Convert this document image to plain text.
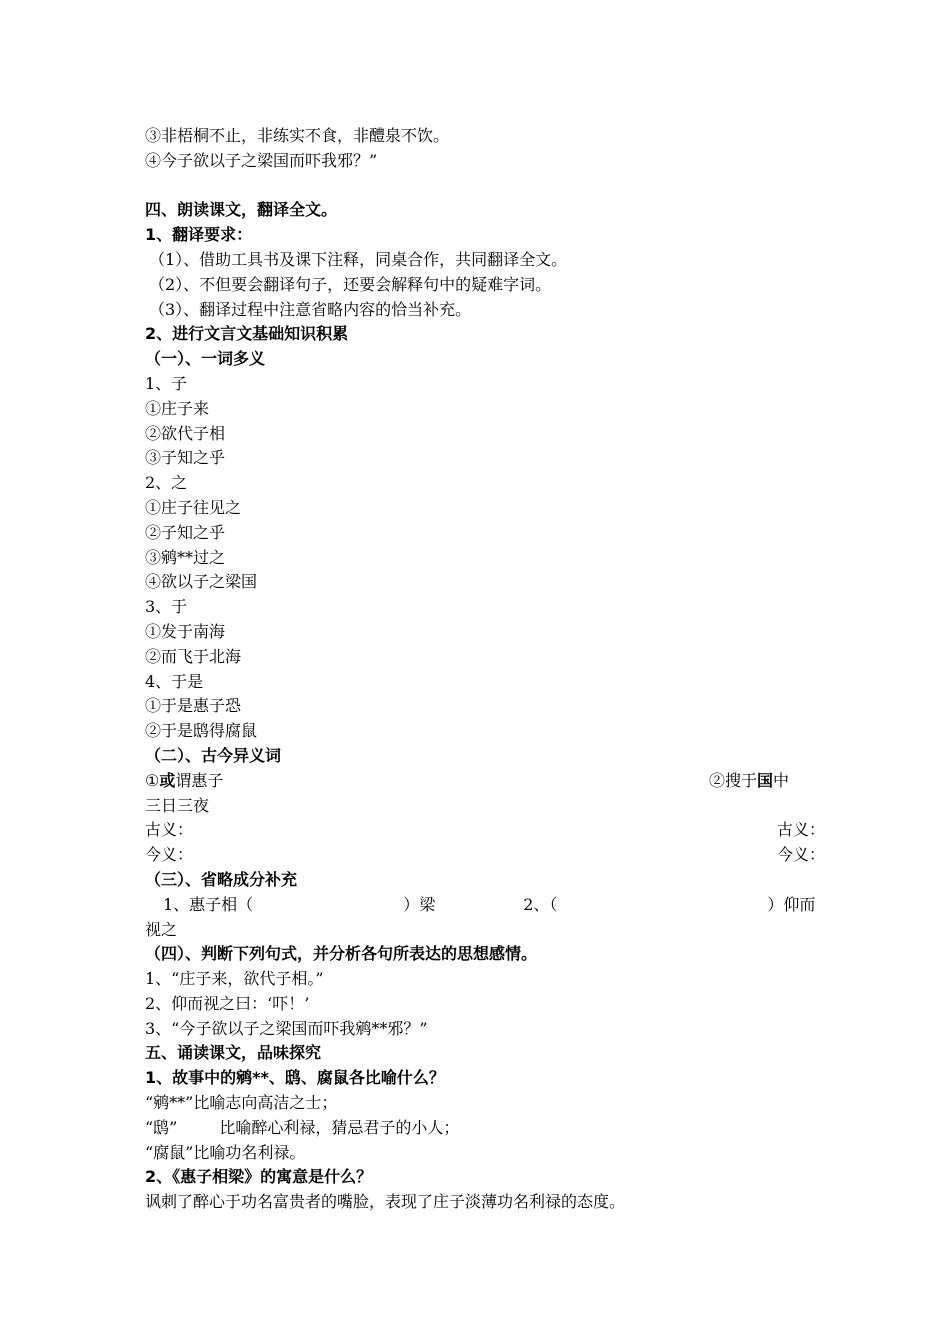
③非梧桐不止，非练实不食，非醴泉不饮。
④今子欲以子之梁国而吓我邪？”
四、朗读课文，翻译全文。
1、翻译要求：
（1）、借助工具书及课下注释，同桌合作，共同翻译全文。
（2）、不但要会翻译句子，还要会解释句中的疑难字词。
（3）、翻译过程中注意省略内容的恰当补充。
2、进行文言文基础知识积累
（一）、一词多义
1、子
①庄子来
②欲代子相
③子知之乎
2、之
①庄子往见之
②子知之乎
③鹓**过之
④欲以子之梁国
3、于
①发于南海
②而飞于北海
4、于是
①于是惠子恐
②于是鸱得腐鼠
（二）、古今异义词
①或谓惠子	②搜于国中
三日三夜
古义：	古义：
今义：	今义：
（三）、省略成分补充
1、惠子相（	）梁	2、（	）仰而
视之
（四）、判断下列句式，并分析各句所表达的思想感情。
1、“庄子来，欲代子相。”
2、仰而视之曰：‘吓！’
3、“今子欲以子之梁国而吓我鹓**邪？”
五、诵读课文，品味探究
1、故事中的鹓**、鸱、腐鼠各比喻什么？
“鹓**”比喻志向高洁之士；
“鸱”	比喻醉心利禄，猜忌君子的小人；
“腐鼠”比喻功名利禄。
2、《惠子相梁》的寓意是什么？
讽刺了醉心于功名富贵者的嘴脸，表现了庄子淡薄功名利禄的态度。
